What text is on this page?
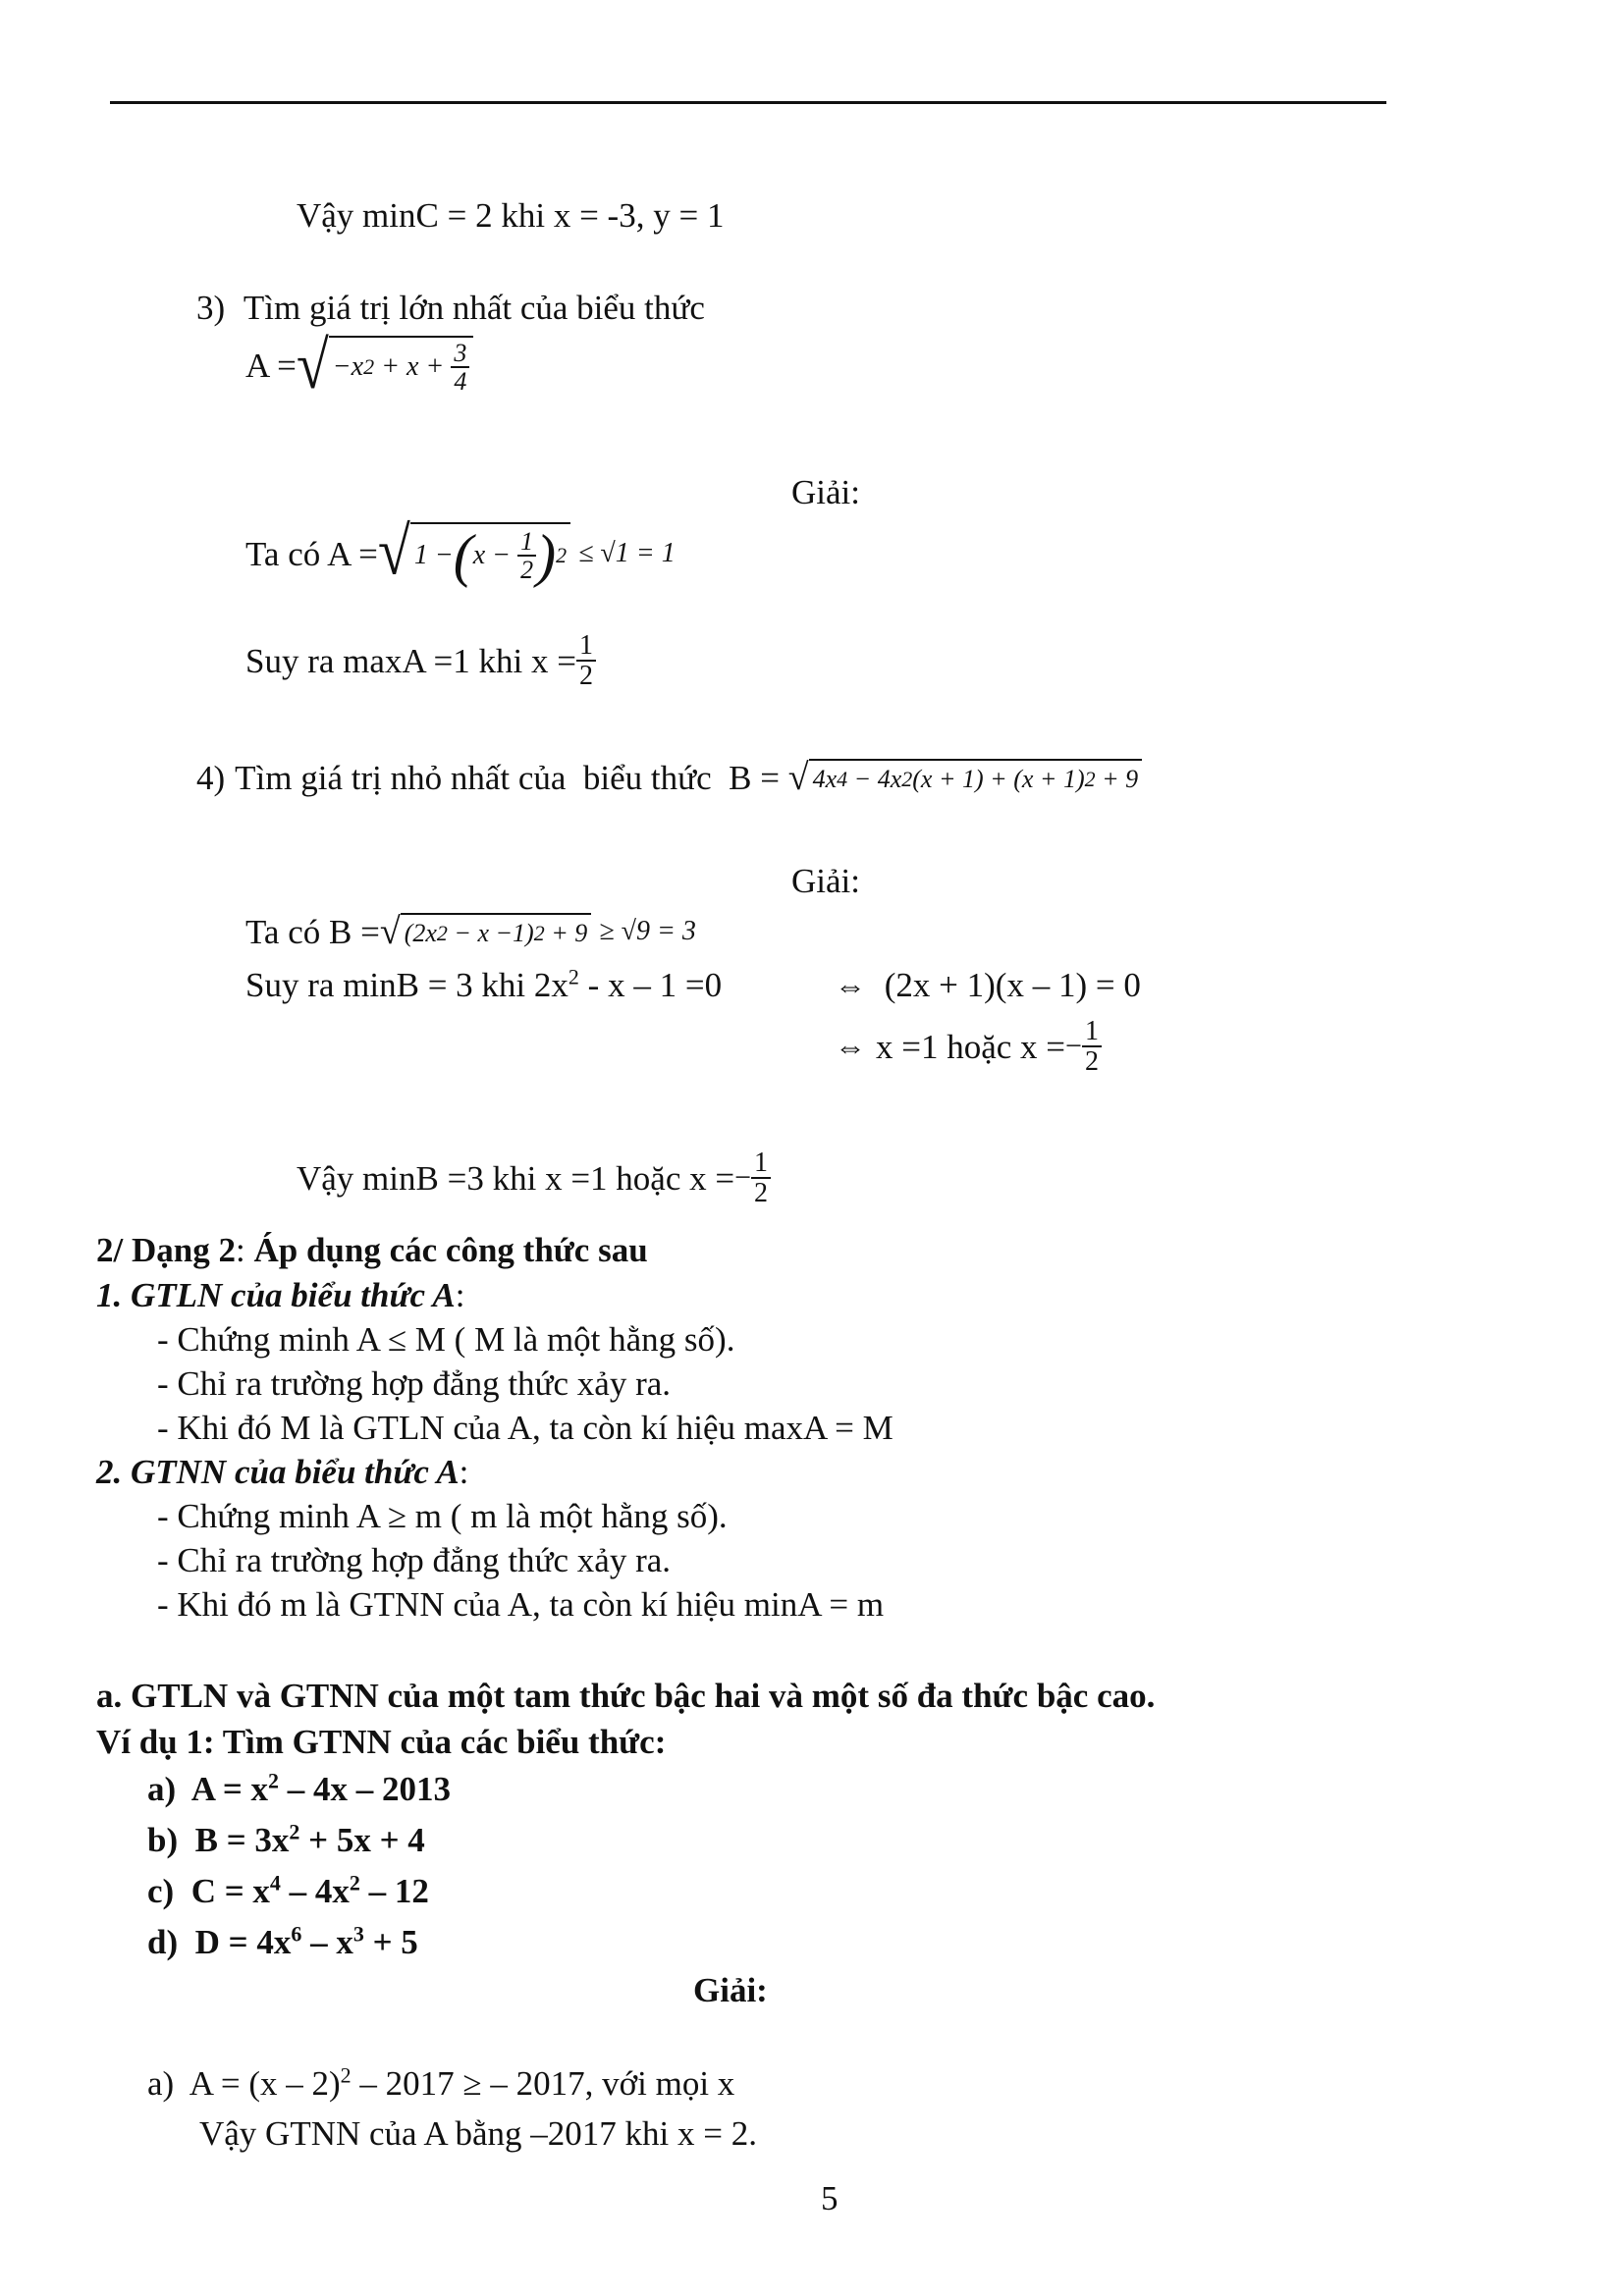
Vậy minC = 2 khi x = -3, y = 1
3) Tìm giá trị lớn nhất của biểu thức
A = √ −x $2 + x + \frac{3}{4}$
Giải:
Ta có A = √ 1 − ( $x - \frac{1}{2}$ ) 2 ≤ √1 = 1
Suy ra maxA =1 khi $x = \frac{1}{2}$
4) Tìm giá trị nhỏ nhất của  biểu thức  B = √ 4x 4 − 4x 2 (x + 1) + (x + 1) 2 + 9
Giải:
Ta có B = √ (2x 2 − x −1) 2 + 9 ≥ √9 = 3
Suy ra minB = 3 khi $2x^2 - x - 1 =0$	⇔ (2x + 1)(x – 1) = 0
⇔ x =1 hoặc x = − $\frac{1}{2}$
Vậy minB =3 khi x =1 hoặc x = − $\frac{1}{2}$
2/ Dạng 2: Áp dụng các công thức sau
1. GTLN của biểu thức A:
- Chứng minh A ≤ M ( M là một hằng số).
- Chỉ ra trường hợp đẳng thức xảy ra.
- Khi đó M là GTLN của A, ta còn kí hiệu maxA = M
2. GTNN của biểu thức A:
- Chứng minh A ≥ m ( m là một hằng số).
- Chỉ ra trường hợp đẳng thức xảy ra.
- Khi đó m là GTNN của A, ta còn kí hiệu minA = m
a. GTLN và GTNN của một tam thức bậc hai và một số đa thức bậc cao.
Ví dụ 1: Tìm GTNN của các biểu thức:
a)  $A = x^2 - 4x - 2013$
b)  $B = 3x^2 + 5x + 4$
c)  $C = x^4 - 4x^2 - 12$
d)  $D = 4x^6 - x^3 + 5$
Giải:
a)  A = (x – 2)$^2$ – 2017 ≥ – 2017, với mọi x
Vậy GTNN của A bằng –2017 khi x = 2.
5
